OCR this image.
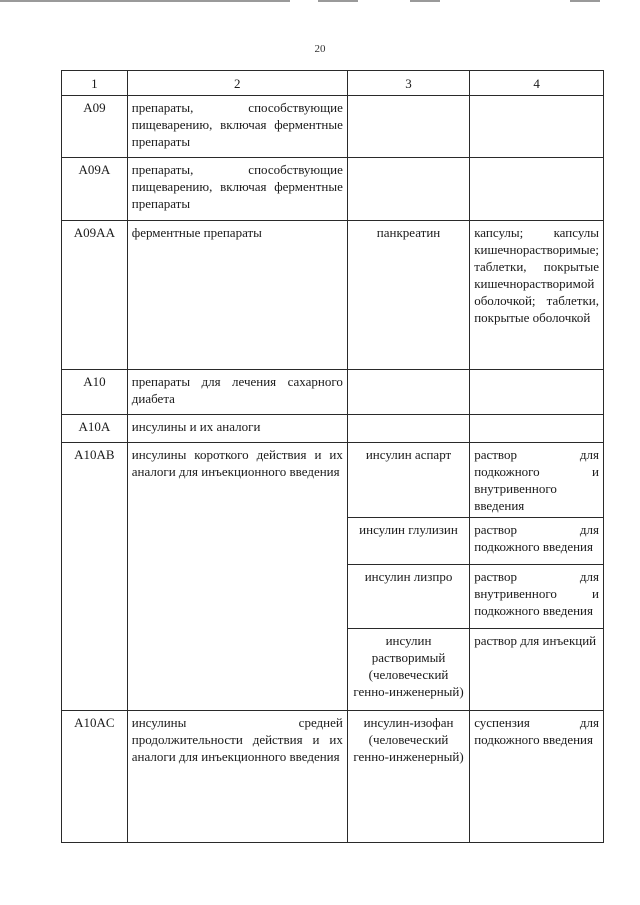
20
1	2	3	4
A09	препараты, способствующие пищеварению, включая ферментные препараты		
A09A	препараты, способствующие пищеварению, включая ферментные препараты		
A09AA	ферментные препараты	панкреатин	капсулы; капсулы кишечнорастворимые; таблетки, покрытые кишечнорастворимой оболочкой; таблетки, покрытые оболочкой
A10	препараты для лечения сахарного диабета		
A10A	инсулины и их аналоги		
A10AB	инсулины короткого действия и их аналоги для инъекционного введения	инсулин аспарт	раствор для подкожного и внутривенного введения
		инсулин глулизин	раствор для подкожного введения
		инсулин лизпро	раствор для внутривенного и подкожного введения
		инсулин растворимый (человеческий генно-инженерный)	раствор для инъекций
A10AC	инсулины средней продолжительности действия и их аналоги для инъекционного введения	инсулин-изофан (человеческий генно-инженерный)	суспензия для подкожного введения
